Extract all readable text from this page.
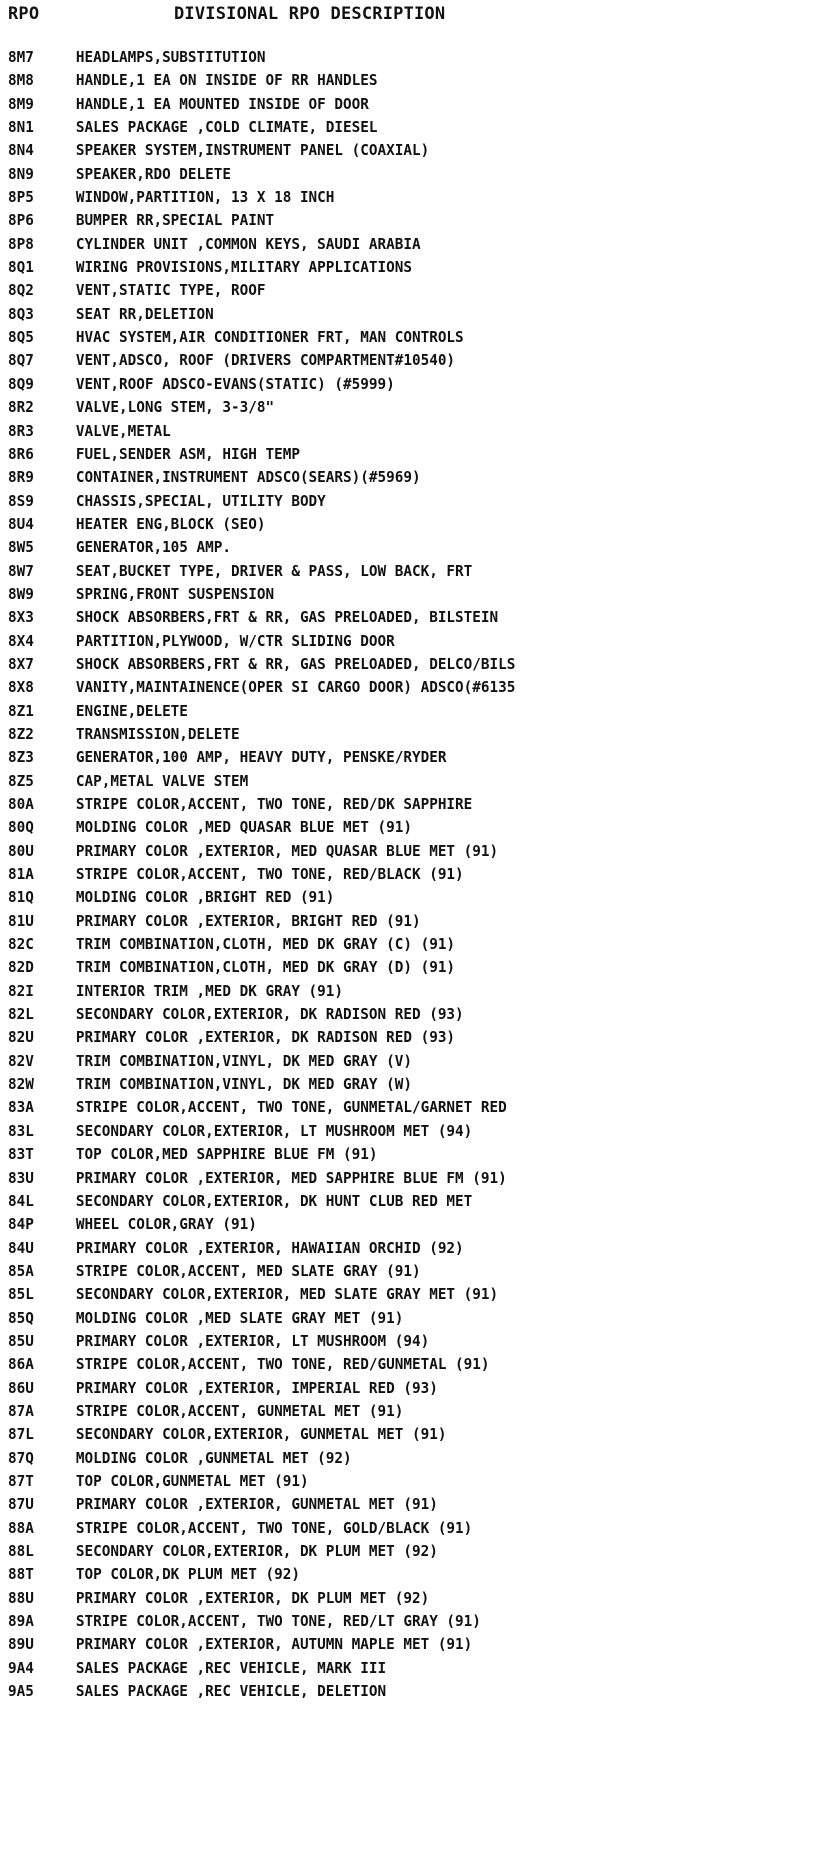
RPO	DIVISIONAL RPO DESCRIPTION
8M7	HEADLAMPS,SUBSTITUTION
8M8	HANDLE,1 EA ON INSIDE OF RR HANDLES
8M9	HANDLE,1 EA MOUNTED INSIDE OF DOOR
8N1	SALES PACKAGE ,COLD CLIMATE, DIESEL
8N4	SPEAKER SYSTEM,INSTRUMENT PANEL (COAXIAL)
8N9	SPEAKER,RDO DELETE
8P5	WINDOW,PARTITION, 13 X 18 INCH
8P6	BUMPER RR,SPECIAL PAINT
8P8	CYLINDER UNIT ,COMMON KEYS, SAUDI ARABIA
8Q1	WIRING PROVISIONS,MILITARY APPLICATIONS
8Q2	VENT,STATIC TYPE, ROOF
8Q3	SEAT RR,DELETION
8Q5	HVAC SYSTEM,AIR CONDITIONER FRT, MAN CONTROLS
8Q7	VENT,ADSCO, ROOF (DRIVERS COMPARTMENT#10540)
8Q9	VENT,ROOF ADSCO-EVANS(STATIC) (#5999)
8R2	VALVE,LONG STEM, 3-3/8"
8R3	VALVE,METAL
8R6	FUEL,SENDER ASM, HIGH TEMP
8R9	CONTAINER,INSTRUMENT ADSCO(SEARS)(#5969)
8S9	CHASSIS,SPECIAL, UTILITY BODY
8U4	HEATER ENG,BLOCK (SEO)
8W5	GENERATOR,105 AMP.
8W7	SEAT,BUCKET TYPE, DRIVER & PASS, LOW BACK, FRT
8W9	SPRING,FRONT SUSPENSION
8X3	SHOCK ABSORBERS,FRT & RR, GAS PRELOADED, BILSTEIN
8X4	PARTITION,PLYWOOD, W/CTR SLIDING DOOR
8X7	SHOCK ABSORBERS,FRT & RR, GAS PRELOADED, DELCO/BILS
8X8	VANITY,MAINTAINENCE(OPER SI CARGO DOOR) ADSCO(#6135
8Z1	ENGINE,DELETE
8Z2	TRANSMISSION,DELETE
8Z3	GENERATOR,100 AMP, HEAVY DUTY, PENSKE/RYDER
8Z5	CAP,METAL VALVE STEM
80A	STRIPE COLOR,ACCENT, TWO TONE, RED/DK SAPPHIRE
80Q	MOLDING COLOR ,MED QUASAR BLUE MET (91)
80U	PRIMARY COLOR ,EXTERIOR, MED QUASAR BLUE MET (91)
81A	STRIPE COLOR,ACCENT, TWO TONE, RED/BLACK (91)
81Q	MOLDING COLOR ,BRIGHT RED (91)
81U	PRIMARY COLOR ,EXTERIOR, BRIGHT RED (91)
82C	TRIM COMBINATION,CLOTH, MED DK GRAY (C) (91)
82D	TRIM COMBINATION,CLOTH, MED DK GRAY (D) (91)
82I	INTERIOR TRIM ,MED DK GRAY (91)
82L	SECONDARY COLOR,EXTERIOR, DK RADISON RED (93)
82U	PRIMARY COLOR ,EXTERIOR, DK RADISON RED (93)
82V	TRIM COMBINATION,VINYL, DK MED GRAY (V)
82W	TRIM COMBINATION,VINYL, DK MED GRAY (W)
83A	STRIPE COLOR,ACCENT, TWO TONE, GUNMETAL/GARNET RED
83L	SECONDARY COLOR,EXTERIOR, LT MUSHROOM MET (94)
83T	TOP COLOR,MED SAPPHIRE BLUE FM (91)
83U	PRIMARY COLOR ,EXTERIOR, MED SAPPHIRE BLUE FM (91)
84L	SECONDARY COLOR,EXTERIOR, DK HUNT CLUB RED MET
84P	WHEEL COLOR,GRAY (91)
84U	PRIMARY COLOR ,EXTERIOR, HAWAIIAN ORCHID (92)
85A	STRIPE COLOR,ACCENT, MED SLATE GRAY (91)
85L	SECONDARY COLOR,EXTERIOR, MED SLATE GRAY MET (91)
85Q	MOLDING COLOR ,MED SLATE GRAY MET (91)
85U	PRIMARY COLOR ,EXTERIOR, LT MUSHROOM (94)
86A	STRIPE COLOR,ACCENT, TWO TONE, RED/GUNMETAL (91)
86U	PRIMARY COLOR ,EXTERIOR, IMPERIAL RED (93)
87A	STRIPE COLOR,ACCENT, GUNMETAL MET (91)
87L	SECONDARY COLOR,EXTERIOR, GUNMETAL MET (91)
87Q	MOLDING COLOR ,GUNMETAL MET (92)
87T	TOP COLOR,GUNMETAL MET (91)
87U	PRIMARY COLOR ,EXTERIOR, GUNMETAL MET (91)
88A	STRIPE COLOR,ACCENT, TWO TONE, GOLD/BLACK (91)
88L	SECONDARY COLOR,EXTERIOR, DK PLUM MET (92)
88T	TOP COLOR,DK PLUM MET (92)
88U	PRIMARY COLOR ,EXTERIOR, DK PLUM MET (92)
89A	STRIPE COLOR,ACCENT, TWO TONE, RED/LT GRAY (91)
89U	PRIMARY COLOR ,EXTERIOR, AUTUMN MAPLE MET (91)
9A4	SALES PACKAGE ,REC VEHICLE, MARK III
9A5	SALES PACKAGE ,REC VEHICLE, DELETION
